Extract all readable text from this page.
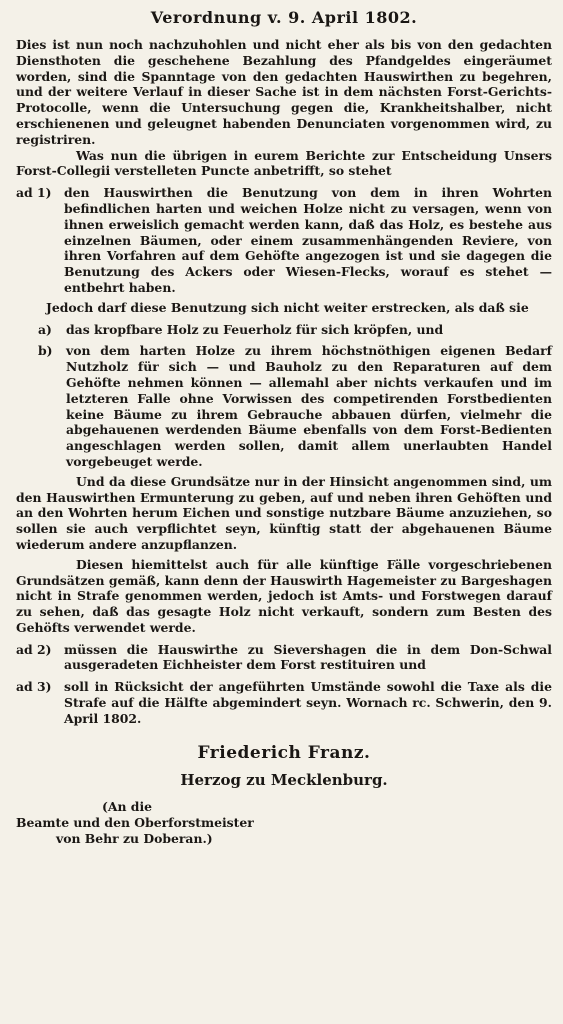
Verordnung v. 9. April 1802.

Dies ist nun noch nachzuhohlen und nicht eher als bis von den gedachten Diensthoten die geschehene Bezahlung des Pfandgeldes eingeräumet worden, sind die Spanntage von den gedachten Hauswirthen zu begehren, und der weitere Verlauf in dieser Sache ist in dem nächsten Forst-Gerichts-Protocolle, wenn die Untersuchung gegen die, Krankheitshalber, nicht erschienenen und geleugnet habenden Denunciaten vorgenommen wird, zu registriren.

Was nun die übrigen in eurem Berichte zur Entscheidung Unsers Forst-Collegii verstelleten Puncte anbetrifft, so stehet

ad 1)	den Hauswirthen die Benutzung von dem in ihren Wohrten befindlichen harten und weichen Holze nicht zu versagen, wenn von ihnen erweislich gemacht werden kann, daß das Holz, es bestehe aus einzelnen Bäumen, oder einem zusammenhängenden Reviere, von ihren Vorfahren auf dem Gehöfte angezogen ist und sie dagegen die Benutzung des Ackers oder Wiesen-Flecks, worauf es stehet — entbehrt haben.
Jedoch darf diese Benutzung sich nicht weiter erstrecken, als daß sie
a)	das kropfbare Holz zu Feuerholz für sich kröpfen, und
b)	von dem harten Holze zu ihrem höchstnöthigen eigenen Bedarf Nutzholz für sich — und Bauholz zu den Reparaturen auf dem Gehöfte nehmen können — allemahl aber nichts verkaufen und im letzteren Falle ohne Vorwissen des competirenden Forstbedienten keine Bäume zu ihrem Gebrauche abbauen dürfen, vielmehr die abgehauenen werdenden Bäume ebenfalls von dem Forst-Bedienten angeschlagen werden sollen, damit allem unerlaubten Handel vorgebeuget werde.

Und da diese Grundsätze nur in der Hinsicht angenommen sind, um den Hauswirthen Ermunterung zu geben, auf und neben ihren Gehöften und an den Wohrten herum Eichen und sonstige nutzbare Bäume anzuziehen, so sollen sie auch verpflichtet seyn, künftig statt der abgehauenen Bäume wiederum andere anzupflanzen.

Diesen hiemittelst auch für alle künftige Fälle vorgeschriebenen Grundsätzen gemäß, kann denn der Hauswirth Hagemeister zu Bargeshagen nicht in Strafe genommen werden, jedoch ist Amts- und Forstwegen darauf zu sehen, daß das gesagte Holz nicht verkauft, sondern zum Besten des Gehöfts verwendet werde.

ad 2)	müssen die Hauswirthe zu Sievershagen die in dem Don-Schwal ausgeradeten Eichheister dem Forst restituiren und
ad 3)	soll in Rücksicht der angeführten Umstände sowohl die Taxe als die Strafe auf die Hälfte abgemindert seyn. Wornach rc. Schwerin, den 9. April 1802.
Friederich Franz.
Herzog zu Mecklenburg.
(An die
Beamte und den Oberforstmeister
von Behr zu Doberan.)
